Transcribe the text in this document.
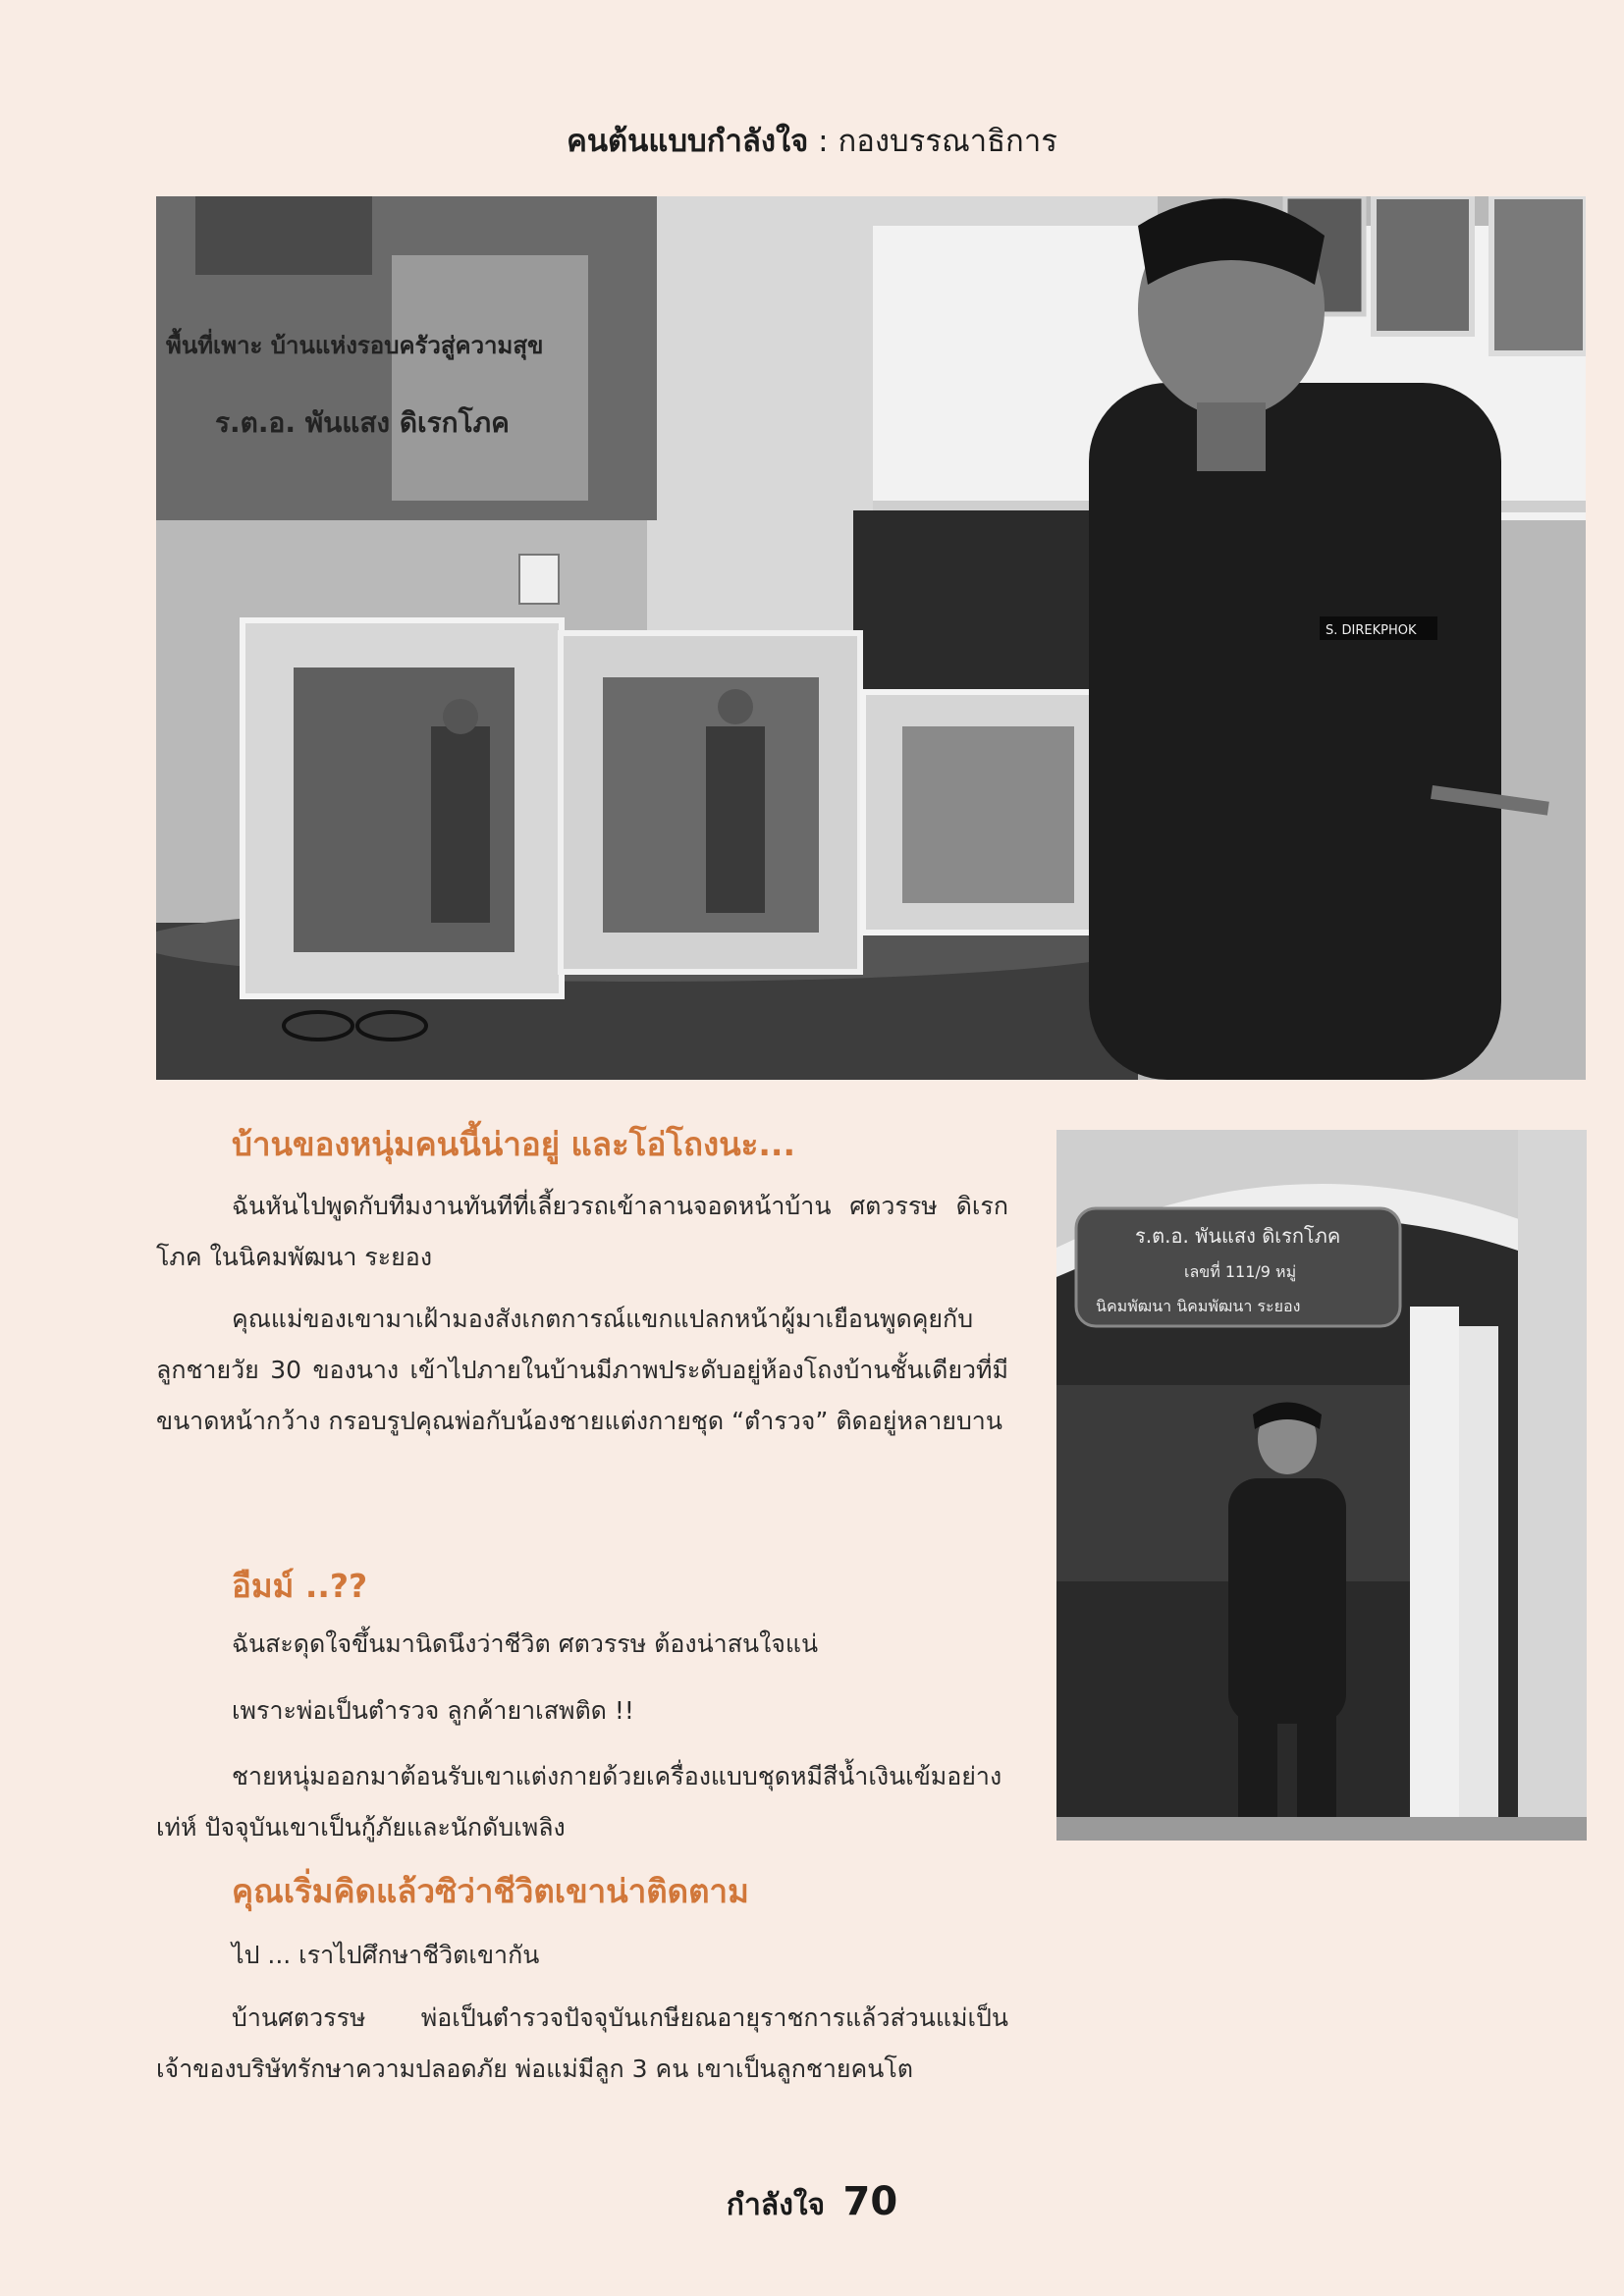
คนต้นแบบกำลังใจ : กองบรรณาธิการ
พื้นที่เพาะ บ้านแห่งรอบครัวสู่ความสุข
ร.ต.อ. พันแสง ดิเรกโภค
S. DIREKPHOK
บ้านของหนุ่มคนนี้น่าอยู่ และโอ่โถงนะ...
ฉันหันไปพูดกับทีมงานทันทีที่เลี้ยวรถเข้าลานจอดหน้าบ้าน ศตวรรษ ดิเรกโภค ในนิคมพัฒนา ระยอง
คุณแม่ของเขามาเฝ้ามองสังเกตการณ์แขกแปลกหน้าผู้มาเยือนพูดคุยกับลูกชายวัย 30 ของนาง เข้าไปภายในบ้านมีภาพประดับอยู่ห้องโถงบ้านชั้นเดียวที่มีขนาดหน้ากว้าง กรอบรูปคุณพ่อกับน้องชายแต่งกายชุด “ตำรวจ” ติดอยู่หลายบาน
อืมม์ ..??
ฉันสะดุดใจขึ้นมานิดนึงว่าชีวิต ศตวรรษ ต้องน่าสนใจแน่
เพราะพ่อเป็นตำรวจ ลูกค้ายาเสพติด !!
ชายหนุ่มออกมาต้อนรับเขาแต่งกายด้วยเครื่องแบบชุดหมีสีน้ำเงินเข้มอย่างเท่ห์ ปัจจุบันเขาเป็นกู้ภัยและนักดับเพลิง
คุณเริ่มคิดแล้วซิว่าชีวิตเขาน่าติดตาม
ไป ... เราไปศึกษาชีวิตเขากัน
บ้านศตวรรษ พ่อเป็นตำรวจปัจจุบันเกษียณอายุราชการแล้วส่วนแม่เป็นเจ้าของบริษัทรักษาความปลอดภัย พ่อแม่มีลูก 3 คน เขาเป็นลูกชายคนโต
ร.ต.อ. พันแสง ดิเรกโภค
เลขที่ 111/9 หมู่
นิคมพัฒนา นิคมพัฒนา ระยอง
กำลังใจ 70
